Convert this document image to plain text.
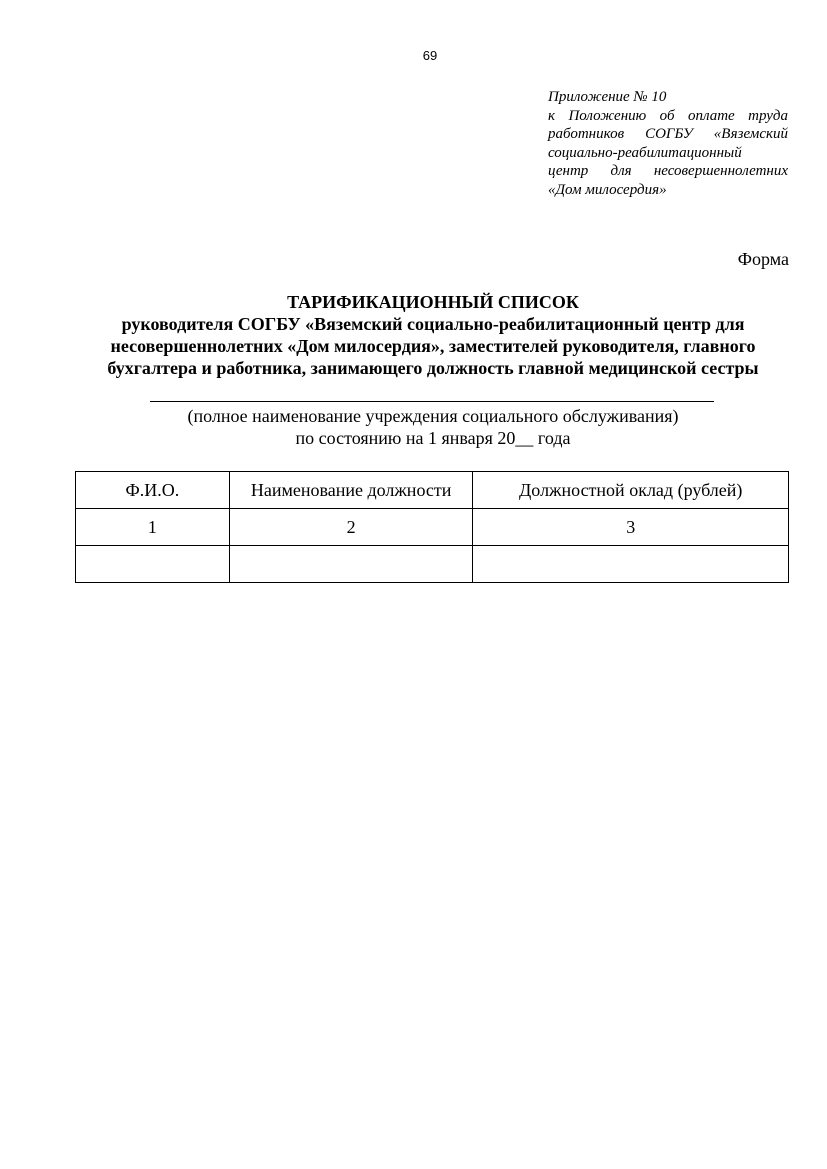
69
Приложение № 10
к Положению об оплате труда
работников СОГБУ «Вяземский
социально-реабилитационный
центр для несовершеннолетних
«Дом милосердия»
Форма
ТАРИФИКАЦИОННЫЙ СПИСОК
руководителя СОГБУ «Вяземский социально-реабилитационный центр для
несовершеннолетних «Дом милосердия», заместителей руководителя, главного
бухгалтера и работника, занимающего должность главной медицинской сестры
(полное наименование учреждения социального обслуживания)
по состоянию на 1 января 20__ года
Ф.И.О.	Наименование должности	Должностной оклад (рублей)
1	2	3
